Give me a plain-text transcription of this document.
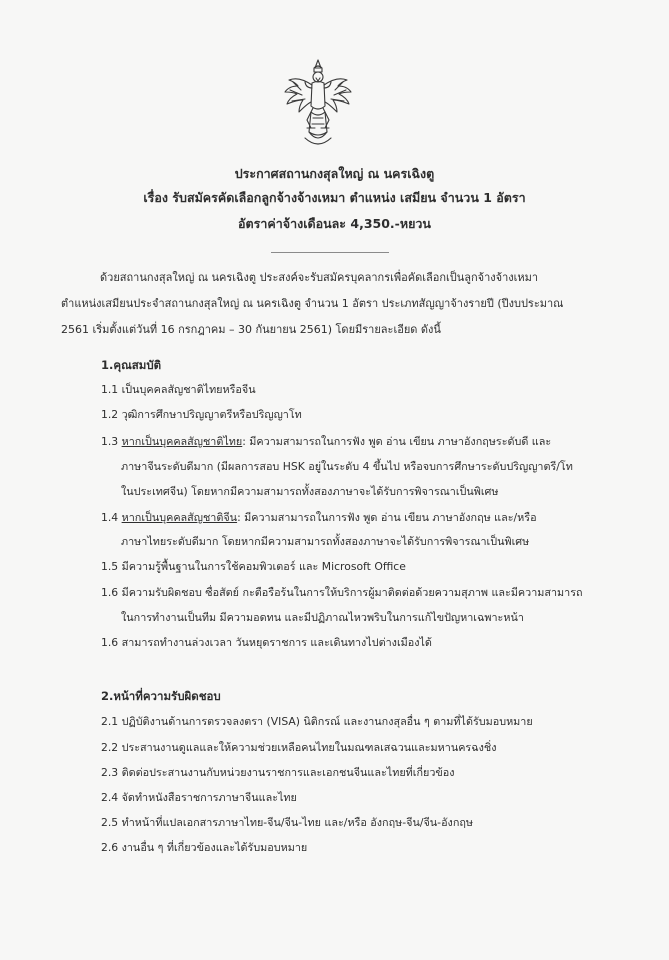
ประกาศสถานกงสุลใหญ่ ณ นครเฉิงตู
เรื่อง รับสมัครคัดเลือกลูกจ้างจ้างเหมา ตำแหน่ง เสมียน จำนวน 1 อัตรา
อัตราค่าจ้างเดือนละ 4,350.-หยวน
ด้วยสถานกงสุลใหญ่ ณ นครเฉิงตู ประสงค์จะรับสมัครบุคลากรเพื่อคัดเลือกเป็นลูกจ้างจ้างเหมา
ตำแหน่งเสมียนประจำสถานกงสุลใหญ่ ณ นครเฉิงตู จำนวน 1 อัตรา ประเภทสัญญาจ้างรายปี (ปีงบประมาณ
2561 เริ่มตั้งแต่วันที่ 16 กรกฎาคม – 30 กันยายน 2561) โดยมีรายละเอียด ดังนี้
1.คุณสมบัติ
1.1 เป็นบุคคลสัญชาติไทยหรือจีน
1.2 วุฒิการศึกษาปริญญาตรีหรือปริญญาโท
1.3 หากเป็นบุคคลสัญชาติไทย: มีความสามารถในการฟัง พูด อ่าน เขียน ภาษาอังกฤษระดับดี และ
ภาษาจีนระดับดีมาก (มีผลการสอบ HSK อยู่ในระดับ 4 ขึ้นไป หรือจบการศึกษาระดับปริญญาตรี/โท
ในประเทศจีน) โดยหากมีความสามารถทั้งสองภาษาจะได้รับการพิจารณาเป็นพิเศษ
1.4 หากเป็นบุคคลสัญชาติจีน: มีความสามารถในการฟัง พูด อ่าน เขียน ภาษาอังกฤษ และ/หรือ
ภาษาไทยระดับดีมาก โดยหากมีความสามารถทั้งสองภาษาจะได้รับการพิจารณาเป็นพิเศษ
1.5 มีความรู้พื้นฐานในการใช้คอมพิวเตอร์ และ Microsoft Office
1.6 มีความรับผิดชอบ ซื่อสัตย์ กะตือรือร้นในการให้บริการผู้มาติดต่อด้วยความสุภาพ และมีความสามารถ
ในการทำงานเป็นทีม มีความอดทน และมีปฏิภาณไหวพริบในการแก้ไขปัญหาเฉพาะหน้า
1.6 สามารถทำงานล่วงเวลา วันหยุดราชการ และเดินทางไปต่างเมืองได้
2.หน้าที่ความรับผิดชอบ
2.1 ปฏิบัติงานด้านการตรวจลงตรา (VISA) นิติกรณ์ และงานกงสุลอื่น ๆ ตามที่ได้รับมอบหมาย
2.2 ประสานงานดูแลและให้ความช่วยเหลือคนไทยในมณฑลเสฉวนและมหานครฉงชิ่ง
2.3 ติดต่อประสานงานกับหน่วยงานราชการและเอกชนจีนและไทยที่เกี่ยวข้อง
2.4 จัดทำหนังสือราชการภาษาจีนและไทย
2.5 ทำหน้าที่แปลเอกสารภาษาไทย-จีน/จีน-ไทย และ/หรือ อังกฤษ-จีน/จีน-อังกฤษ
2.6 งานอื่น ๆ ที่เกี่ยวข้องและได้รับมอบหมาย
